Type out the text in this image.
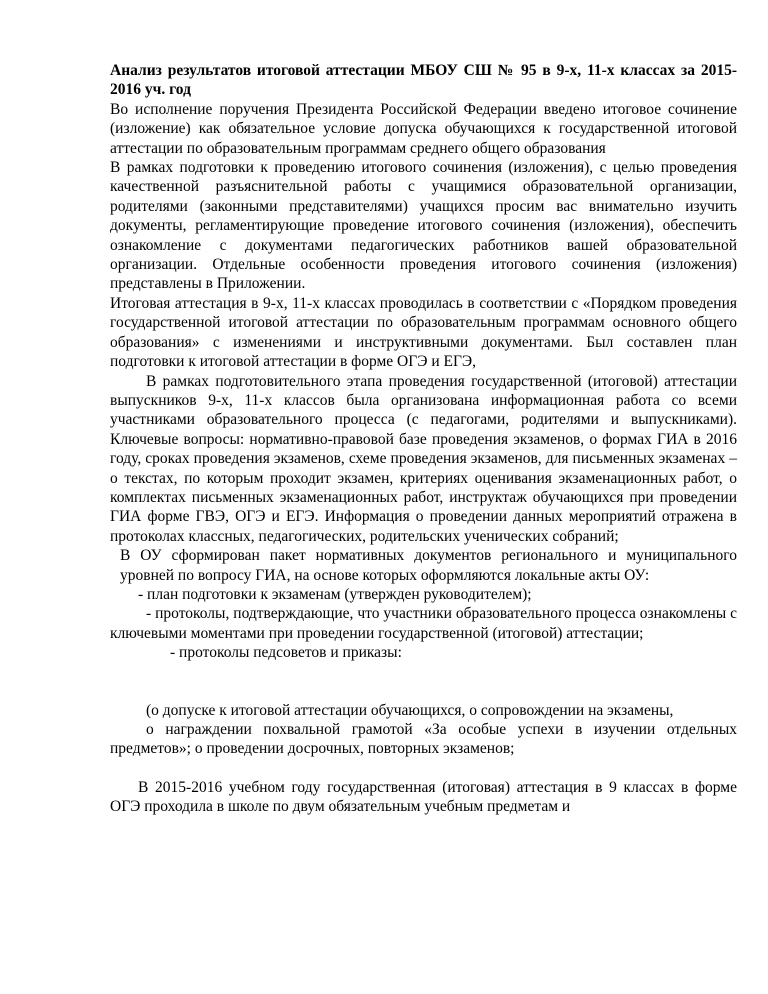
Анализ результатов итоговой аттестации МБОУ СШ № 95 в 9-х, 11-х классах за 2015- 2016 уч. год
Во исполнение поручения Президента Российской Федерации введено итоговое сочинение (изложение) как обязательное условие допуска обучающихся к государственной итоговой аттестации по образовательным программам среднего общего образования
В рамках подготовки к проведению итогового сочинения (изложения), с целью проведения качественной разъяснительной работы с учащимися образовательной организации, родителями (законными представителями) учащихся просим вас внимательно изучить документы, регламентирующие проведение итогового сочинения (изложения), обеспечить ознакомление с документами педагогических работников вашей образовательной организации. Отдельные особенности проведения итогового сочинения (изложения) представлены в Приложении.
Итоговая аттестация в 9-х, 11-х классах проводилась в соответствии с «Порядком проведения государственной итоговой аттестации по образовательным программам основного общего образования» с изменениями и инструктивными документами. Был составлен план подготовки к итоговой аттестации в форме ОГЭ и ЕГЭ,
В рамках подготовительного этапа проведения государственной (итоговой) аттестации выпускников 9-х, 11-х классов была организована информационная работа со всеми участниками образовательного процесса (с педагогами, родителями и выпускниками). Ключевые вопросы: нормативно-правовой базе проведения экзаменов, о формах ГИА в 2016 году, сроках проведения экзаменов, схеме проведения экзаменов, для письменных экзаменах – о текстах, по которым проходит экзамен, критериях оценивания экзаменационных работ, о комплектах письменных экзаменационных работ, инструктаж обучающихся при проведении ГИА форме ГВЭ, ОГЭ и ЕГЭ. Информация о проведении данных мероприятий отражена в протоколах классных, педагогических, родительских ученических собраний;
В ОУ сформирован пакет нормативных документов регионального и муниципального уровней по вопросу ГИА, на основе которых оформляются локальные акты ОУ:
- план подготовки к экзаменам (утвержден руководителем);
- протоколы, подтверждающие, что участники образовательного процесса ознакомлены с ключевыми моментами при проведении государственной (итоговой) аттестации;
- протоколы педсоветов и приказы:
(о допуске к итоговой аттестации обучающихся, о сопровождении на экзамены,
о награждении похвальной грамотой «За особые успехи в изучении отдельных предметов»; о проведении досрочных, повторных экзаменов;
В 2015-2016 учебном году государственная (итоговая) аттестация в 9 классах в форме ОГЭ проходила в школе по двум обязательным учебным предметам и
